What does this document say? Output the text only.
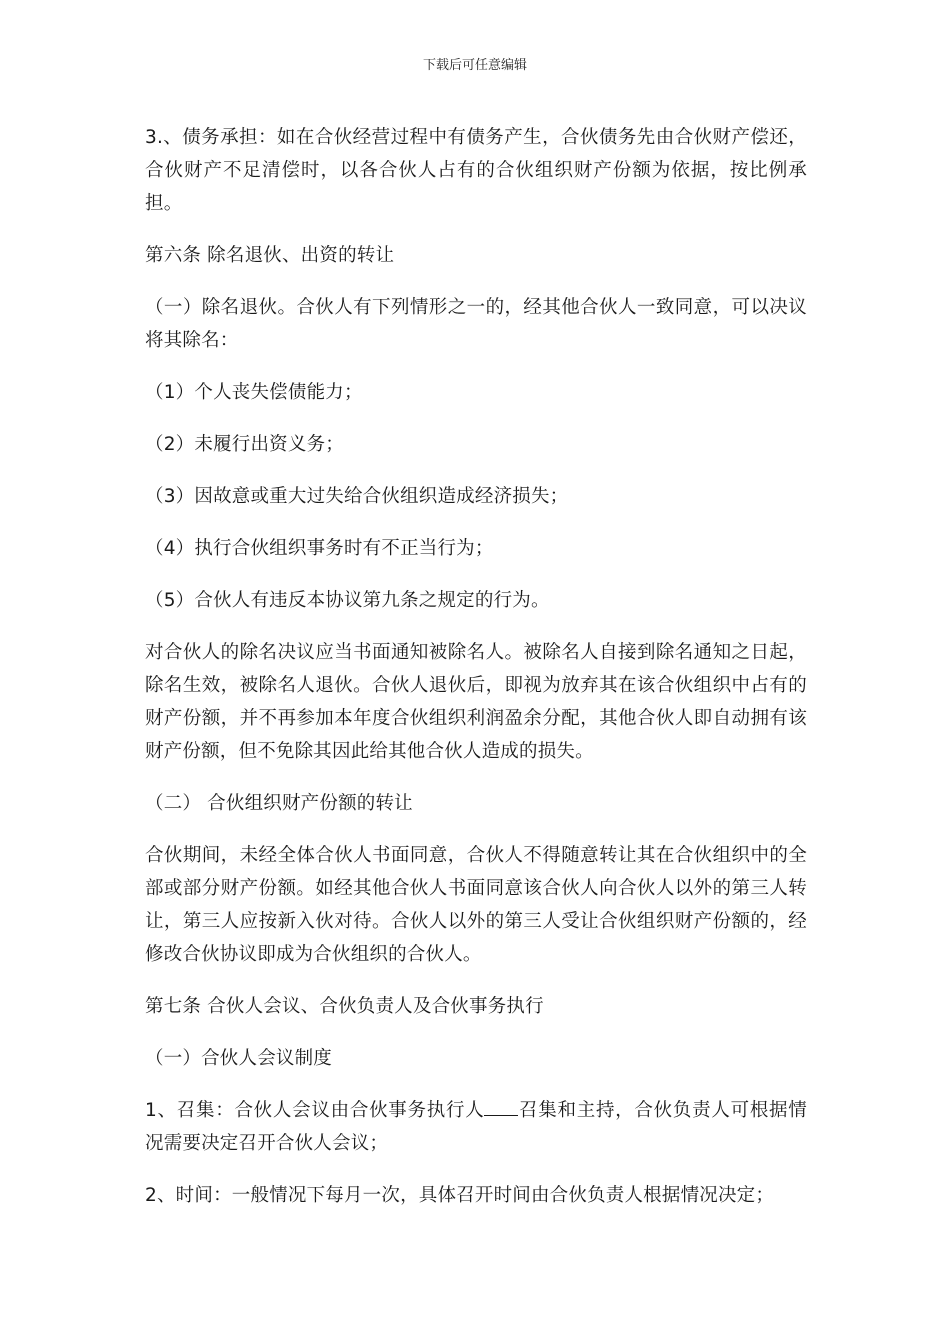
下载后可任意编辑

3.、债务承担：如在合伙经营过程中有债务产生，合伙债务先由合伙财产偿还，合伙财产不足清偿时，以各合伙人占有的合伙组织财产份额为依据，按比例承担。

第六条 除名退伙、出资的转让

（一）除名退伙。合伙人有下列情形之一的，经其他合伙人一致同意，可以决议将其除名：

（1）个人丧失偿债能力；

（2）未履行出资义务；

（3）因故意或重大过失给合伙组织造成经济损失；

（4）执行合伙组织事务时有不正当行为；

（5）合伙人有违反本协议第九条之规定的行为。

对合伙人的除名决议应当书面通知被除名人。被除名人自接到除名通知之日起，除名生效，被除名人退伙。合伙人退伙后，即视为放弃其在该合伙组织中占有的财产份额，并不再参加本年度合伙组织利润盈余分配，其他合伙人即自动拥有该财产份额，但不免除其因此给其他合伙人造成的损失。

（二） 合伙组织财产份额的转让

合伙期间，未经全体合伙人书面同意，合伙人不得随意转让其在合伙组织中的全部或部分财产份额。如经其他合伙人书面同意该合伙人向合伙人以外的第三人转让，第三人应按新入伙对待。合伙人以外的第三人受让合伙组织财产份额的，经修改合伙协议即成为合伙组织的合伙人。

第七条 合伙人会议、合伙负责人及合伙事务执行

（一）合伙人会议制度

1、召集：合伙人会议由合伙事务执行人 召集和主持，合伙负责人可根据情况需要决定召开合伙人会议；

2、时间：一般情况下每月一次，具体召开时间由合伙负责人根据情况决定；
